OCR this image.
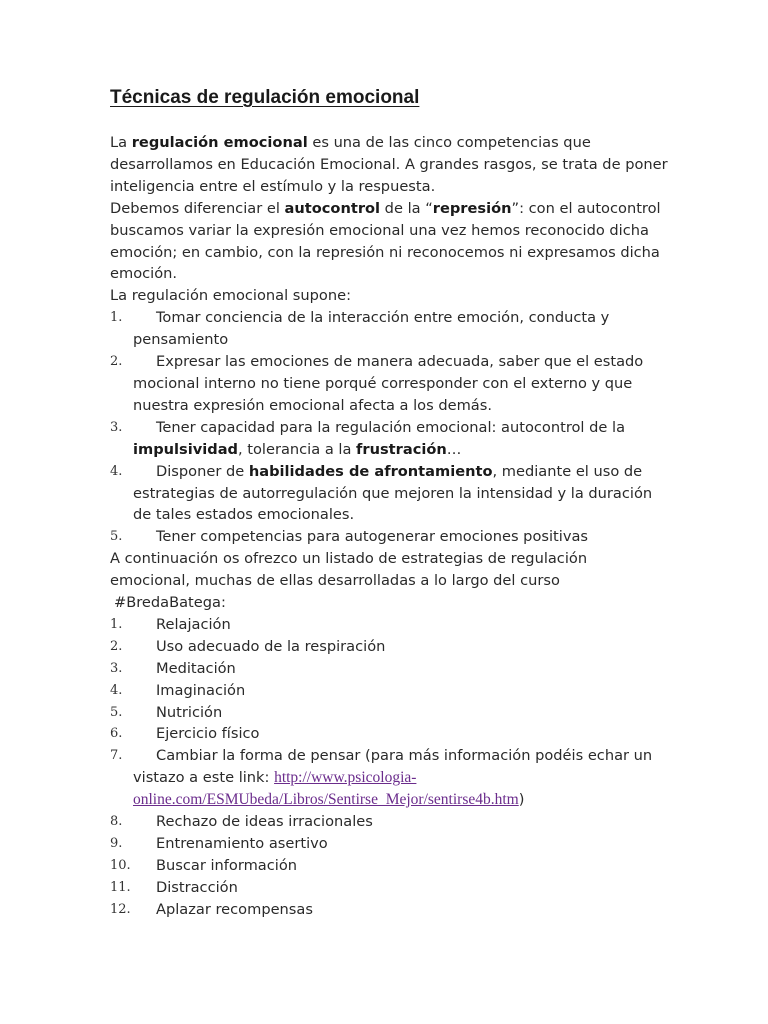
Técnicas de regulación emocional

La regulación emocional es una de las cinco competencias que desarrollamos en Educación Emocional. A grandes rasgos, se trata de poner inteligencia entre el estímulo y la respuesta.

Debemos diferenciar el autocontrol de la “represión”: con el autocontrol buscamos variar la expresión emocional una vez hemos reconocido dicha emoción; en cambio, con la represión ni reconocemos ni expresamos dicha emoción.

La regulación emocional supone:

1.	Tomar conciencia de la interacción entre emoción, conducta y pensamiento
2.	Expresar las emociones de manera adecuada, saber que el estado mocional interno no tiene porqué corresponder con el externo y que nuestra expresión emocional afecta a los demás.
3.	Tener capacidad para la regulación emocional: autocontrol de la impulsividad, tolerancia a la frustración…
4.	Disponer de habilidades de afrontamiento, mediante el uso de estrategias de autorregulación que mejoren la intensidad y la duración de tales estados emocionales.
5.	Tener competencias para autogenerar emociones positivas

A continuación os ofrezco un listado de estrategias de regulación emocional, muchas de ellas desarrolladas a lo largo del curso

#BredaBatega:

1.	Relajación
2.	Uso adecuado de la respiración
3.	Meditación
4.	Imaginación
5.	Nutrición
6.	Ejercicio físico
7.	Cambiar la forma de pensar (para más información podéis echar un vistazo a este link: http://www.psicologia-online.com/ESMUbeda/Libros/Sentirse_Mejor/sentirse4b.htm)
8.	Rechazo de ideas irracionales
9.	Entrenamiento asertivo
10.	Buscar información
11.	Distracción
12.	Aplazar recompensas
